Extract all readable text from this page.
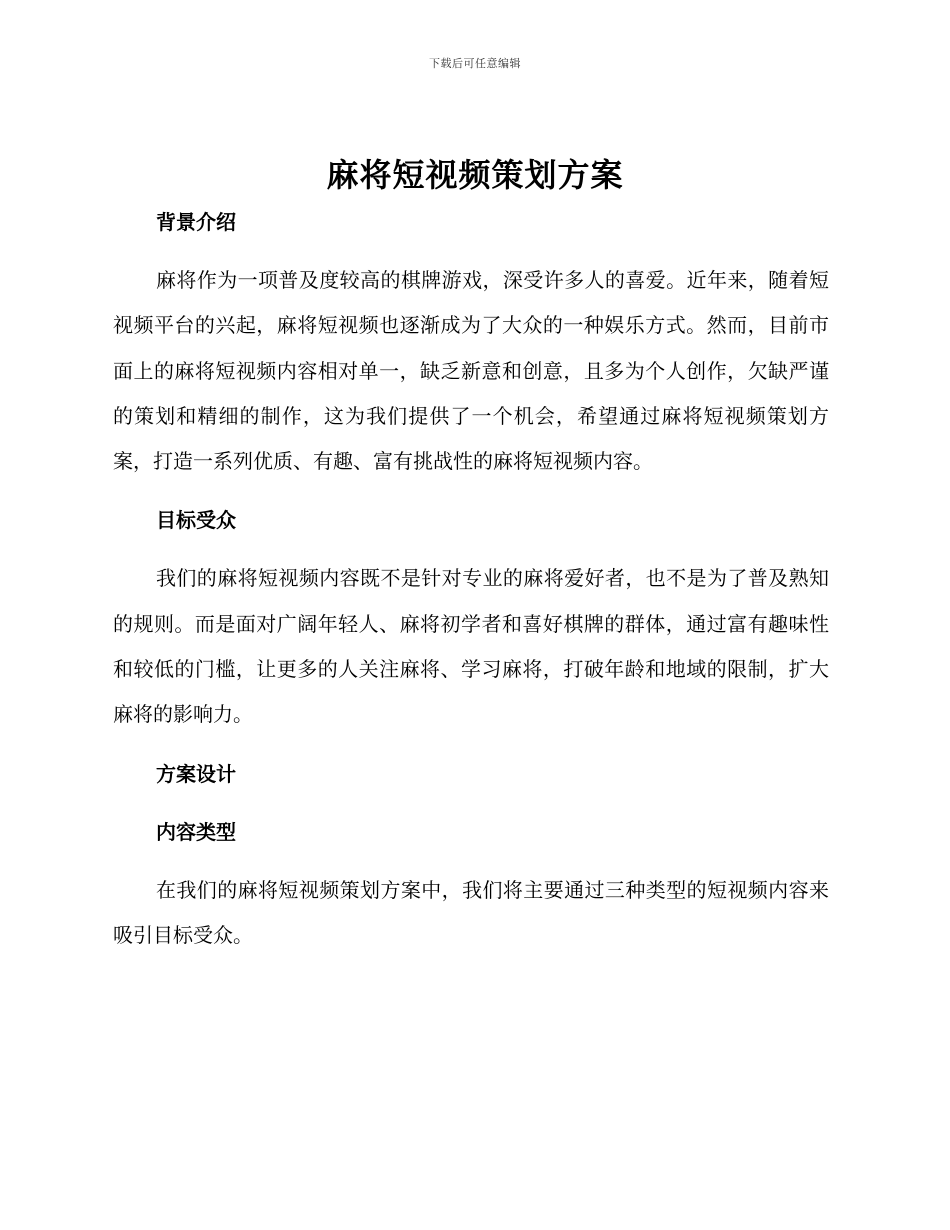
下载后可任意编辑
麻将短视频策划方案

背景介绍

麻将作为一项普及度较高的棋牌游戏，深受许多人的喜爱。近年来，随着短视频平台的兴起，麻将短视频也逐渐成为了大众的一种娱乐方式。然而，目前市面上的麻将短视频内容相对单一，缺乏新意和创意，且多为个人创作，欠缺严谨的策划和精细的制作，这为我们提供了一个机会，希望通过麻将短视频策划方案，打造一系列优质、有趣、富有挑战性的麻将短视频内容。

目标受众

我们的麻将短视频内容既不是针对专业的麻将爱好者，也不是为了普及熟知的规则。而是面对广阔年轻人、麻将初学者和喜好棋牌的群体，通过富有趣味性和较低的门槛，让更多的人关注麻将、学习麻将，打破年龄和地域的限制，扩大麻将的影响力。

方案设计

内容类型

在我们的麻将短视频策划方案中，我们将主要通过三种类型的短视频内容来吸引目标受众。
